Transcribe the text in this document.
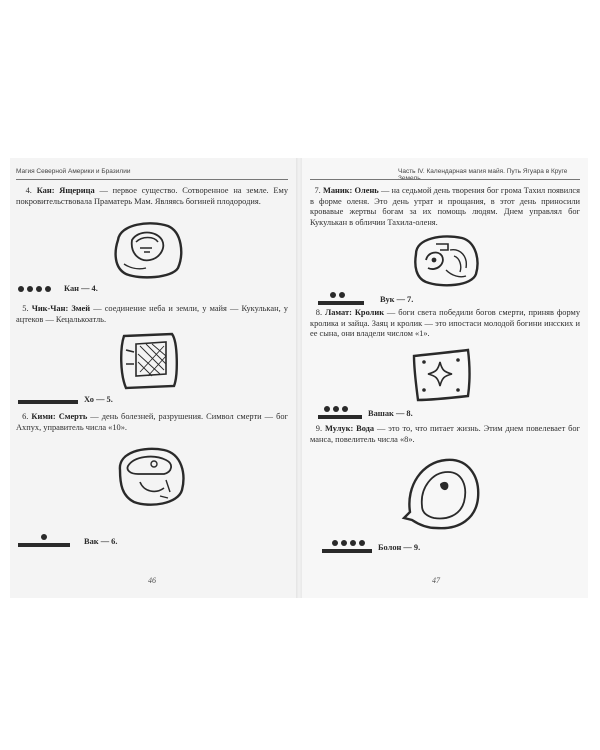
Магия Северной Америки и Бразилии
4. Кан: Ящерица — первое существо. Сотворенное на земле. Ему покровительствовала Праматерь Мам. Являясь богиней плодородия.
Кан — 4.
5. Чик-Чан: Змей — соединение неба и земли, у майя — Кукулькан, у ацтеков — Кецалькоатль.
Хо — 5.
6. Кими: Смерть — день болезней, разрушения. Символ смерти — бог Ахпух, управитель числа «10».
Вак — 6.
46
Часть IV. Календарная магия майя. Путь Ягуара в Круге
7. Маник: Олень — на седьмой день творения бог грома Тахил появился в форме оленя. Это день утрат и прощания, в этот день приносили кровавые жертвы богам за их помощь людям. Днем управлял бог Кукулькан в обличии Тахила-оленя.
Вук — 7.
8. Ламат: Кролик — боги света победили богов смерти, приняв форму кролика и зайца. Заяц и кролик — это ипостаси молодой богини инсских и ее сына, они владели числом «1».
Вашак — 8.
9. Мулук: Вода — это то, что питает жизнь. Этим днем повелевает бог манса, повелитель числа «8».
Болон — 9.
47
